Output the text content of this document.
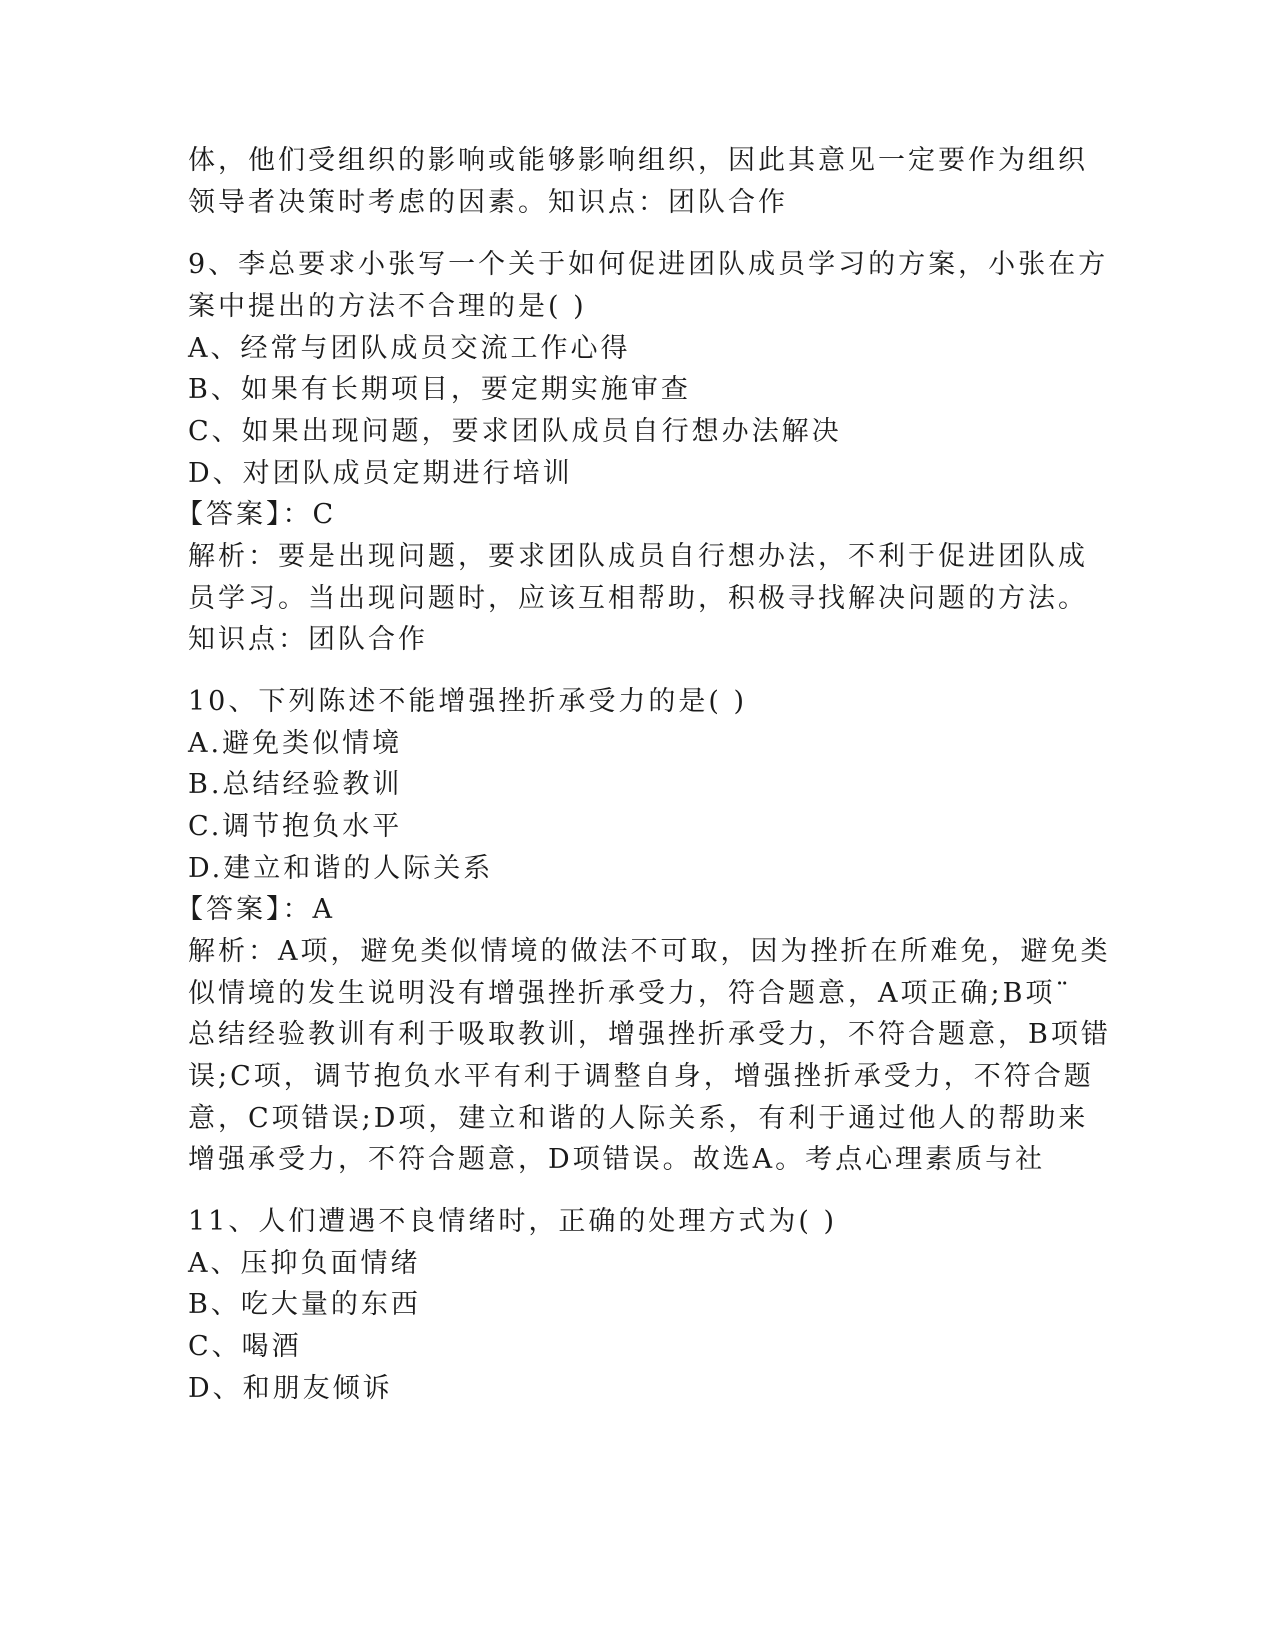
体，他们受组织的影响或能够影响组织，因此其意见一定要作为组织
领导者决策时考虑的因素。知识点：团队合作
9、李总要求小张写一个关于如何促进团队成员学习的方案，小张在方
案中提出的方法不合理的是( )
A、经常与团队成员交流工作心得
B、如果有长期项目，要定期实施审查
C、如果出现问题，要求团队成员自行想办法解决
D、对团队成员定期进行培训
【答案】：C
解析：要是出现问题，要求团队成员自行想办法，不利于促进团队成
员学习。当出现问题时，应该互相帮助，积极寻找解决问题的方法。
知识点：团队合作
10、下列陈述不能增强挫折承受力的是( )
A.避免类似情境
B.总结经验教训
C.调节抱负水平
D.建立和谐的人际关系
【答案】：A
解析：A项，避免类似情境的做法不可取，因为挫折在所难免，避免类
似情境的发生说明没有增强挫折承受力，符合题意，A项正确;B项¨
总结经验教训有利于吸取教训，增强挫折承受力，不符合题意，B项错
误;C项，调节抱负水平有利于调整自身，增强挫折承受力，不符合题
意，C项错误;D项，建立和谐的人际关系，有利于通过他人的帮助来
增强承受力，不符合题意，D项错误。故选A。考点心理素质与社
11、人们遭遇不良情绪时，正确的处理方式为( )
A、压抑负面情绪
B、吃大量的东西
C、喝酒
D、和朋友倾诉
